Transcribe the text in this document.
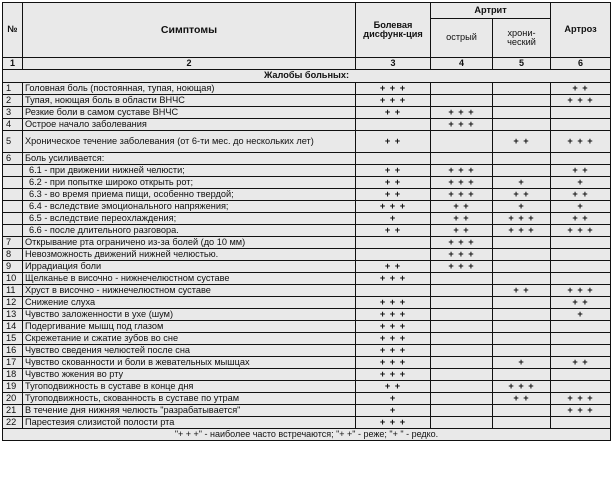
№	Симптомы	Болевая дисфунк-ция	Артрит		Артроз
			острый	хрони-ческий	
1	2	3	4	5	6
Жалобы больных:					
1	Головная боль (постоянная, тупая, ноющая)	+ + +			+ +
2	Тупая, ноющая боль в области ВНЧС	+ + +			+ + +
3	Резкие боли в самом суставе ВНЧС	+ +	+ + +		
4	Острое начало заболевания		+ + +		
5	Хроническое течение заболевания (от 6-ти мес. до нескольких лет)	+ +		+ +	+ + +
6	Боль усиливается:				
	6.1 - при движении нижней челюсти;	+ +	+ + +		+ +
	6.2 - при попытке широко открыть рот;	+ +	+ + +	+	+
	6.3 - во время приема пищи, особенно твердой;	+ +	+ + +	+ +	+ +
	6.4 - вследствие эмоционального напряжения;	+ + +	+ +	+	+
	6.5 - вследствие переохлаждения;	+	+ +	+ + +	+ +
	6.6 - после длительного разговора.	+ +	+ +	+ + +	+ + +
7	Открывание рта ограничено из-за болей (до 10 мм)		+ + +		
8	Невозможность движений нижней челюстью.		+ + +		
9	Иррадиация боли	+ +	+ + +		
10	Щелканье в височно - нижнечелюстном суставе	+ + +			
11	Хруст в височно - нижнечелюстном суставе			+ +	+ + +
12	Снижение слуха	+ + +			+ +
13	Чувство заложенности в ухе (шум)	+ + +			+
14	Подергивание мышц под глазом	+ + +			
15	Скрежетание и сжатие зубов во сне	+ + +			
16	Чувство сведения челюстей после сна	+ + +			
17	Чувство скованности и боли в жевательных мышцах	+ + +		+	+ +
18	Чувство жжения во рту	+ + +			
19	Тугоподвижность в суставе в конце дня	+ +		+ + +	
20	Тугоподвижность, скованность в суставе по утрам	+		+ +	+ + +
21	В течение дня нижняя челюсть "разрабатывается"	+			+ + +
22	Парестезия слизистой полости рта	+ + +			
"+ + +" - наиболее часто встречаются; "+ +" - реже; "+ " - редко.					
